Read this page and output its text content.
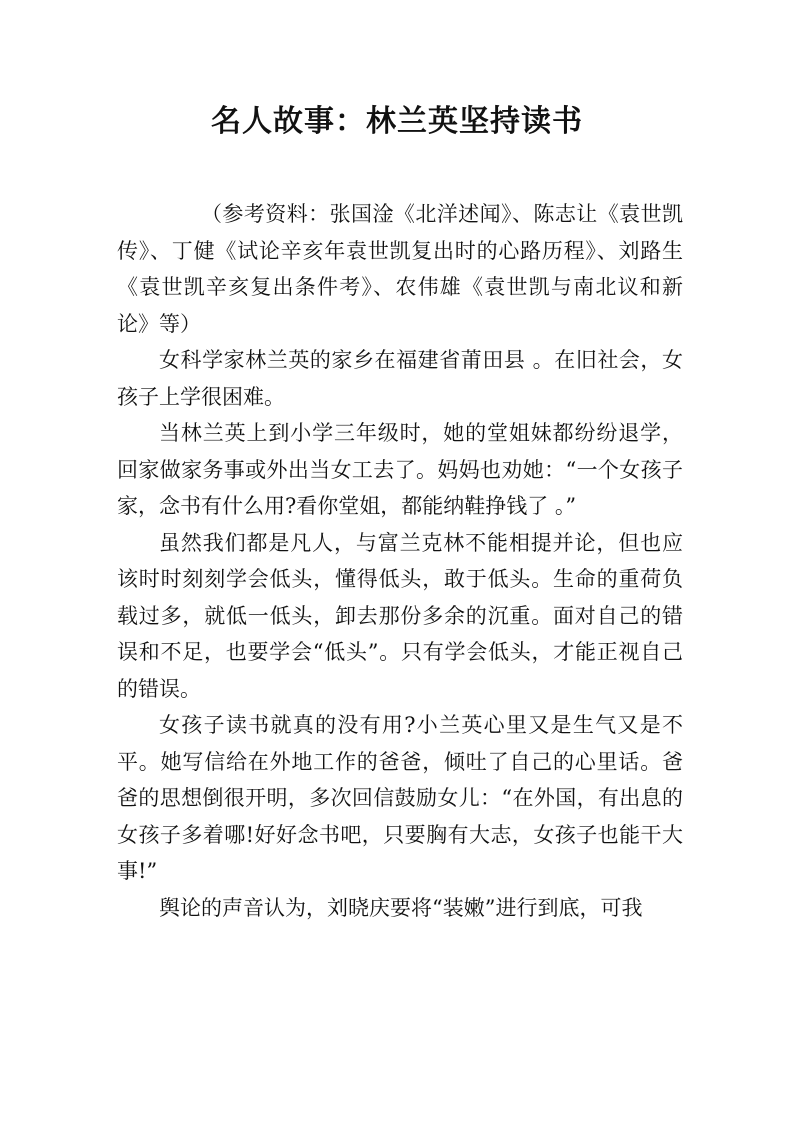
名人故事：林兰英坚持读书

（参考资料：张国淦《北洋述闻》、陈志让《袁世凯传》、丁健《试论辛亥年袁世凯复出时的心路历程》、刘路生《袁世凯辛亥复出条件考》、农伟雄《袁世凯与南北议和新论》等）

女科学家林兰英的家乡在福建省莆田县 。在旧社会，女孩子上学很困难。

当林兰英上到小学三年级时，她的堂姐妹都纷纷退学，回家做家务事或外出当女工去了。妈妈也劝她：“一个女孩子家，念书有什么用?看你堂姐，都能纳鞋挣钱了 。”

虽然我们都是凡人，与富兰克林不能相提并论，但也应该时时刻刻学会低头，懂得低头，敢于低头。生命的重荷负载过多，就低一低头，卸去那份多余的沉重。面对自己的错误和不足，也要学会“低头”。只有学会低头，才能正视自己的错误。

女孩子读书就真的没有用?小兰英心里又是生气又是不平。她写信给在外地工作的爸爸，倾吐了自己的心里话。爸爸的思想倒很开明，多次回信鼓励女儿：“在外国，有出息的女孩子多着哪!好好念书吧，只要胸有大志，女孩子也能干大事!”

舆论的声音认为，刘晓庆要将“装嫩”进行到底，可我
